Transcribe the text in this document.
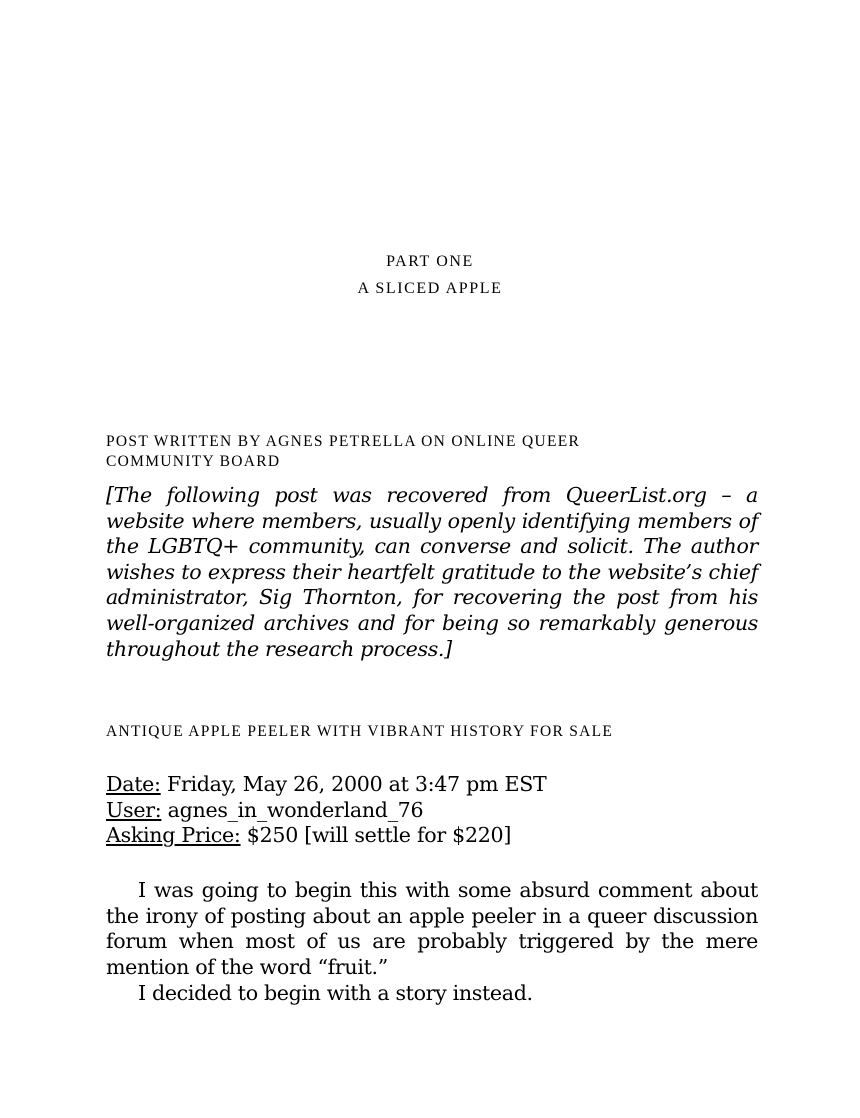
PART ONE
A SLICED APPLE
POST WRITTEN BY AGNES PETRELLA ON ONLINE QUEER COMMUNITY BOARD

[The following post was recovered from QueerList.org – a website where members, usually openly identifying members of the LGBTQ+ community, can converse and solicit. The author wishes to express their heartfelt gratitude to the website’s chief administrator, Sig Thornton, for recovering the post from his well-organized archives and for being so remarkably generous throughout the research process.]

ANTIQUE APPLE PEELER WITH VIBRANT HISTORY FOR SALE
Date: Friday, May 26, 2000 at 3:47 pm EST
User: agnes_in_wonderland_76
Asking Price: $250 [will settle for $220]

I was going to begin this with some absurd comment about the irony of posting about an apple peeler in a queer discussion forum when most of us are probably triggered by the mere mention of the word “fruit.”

I decided to begin with a story instead.
